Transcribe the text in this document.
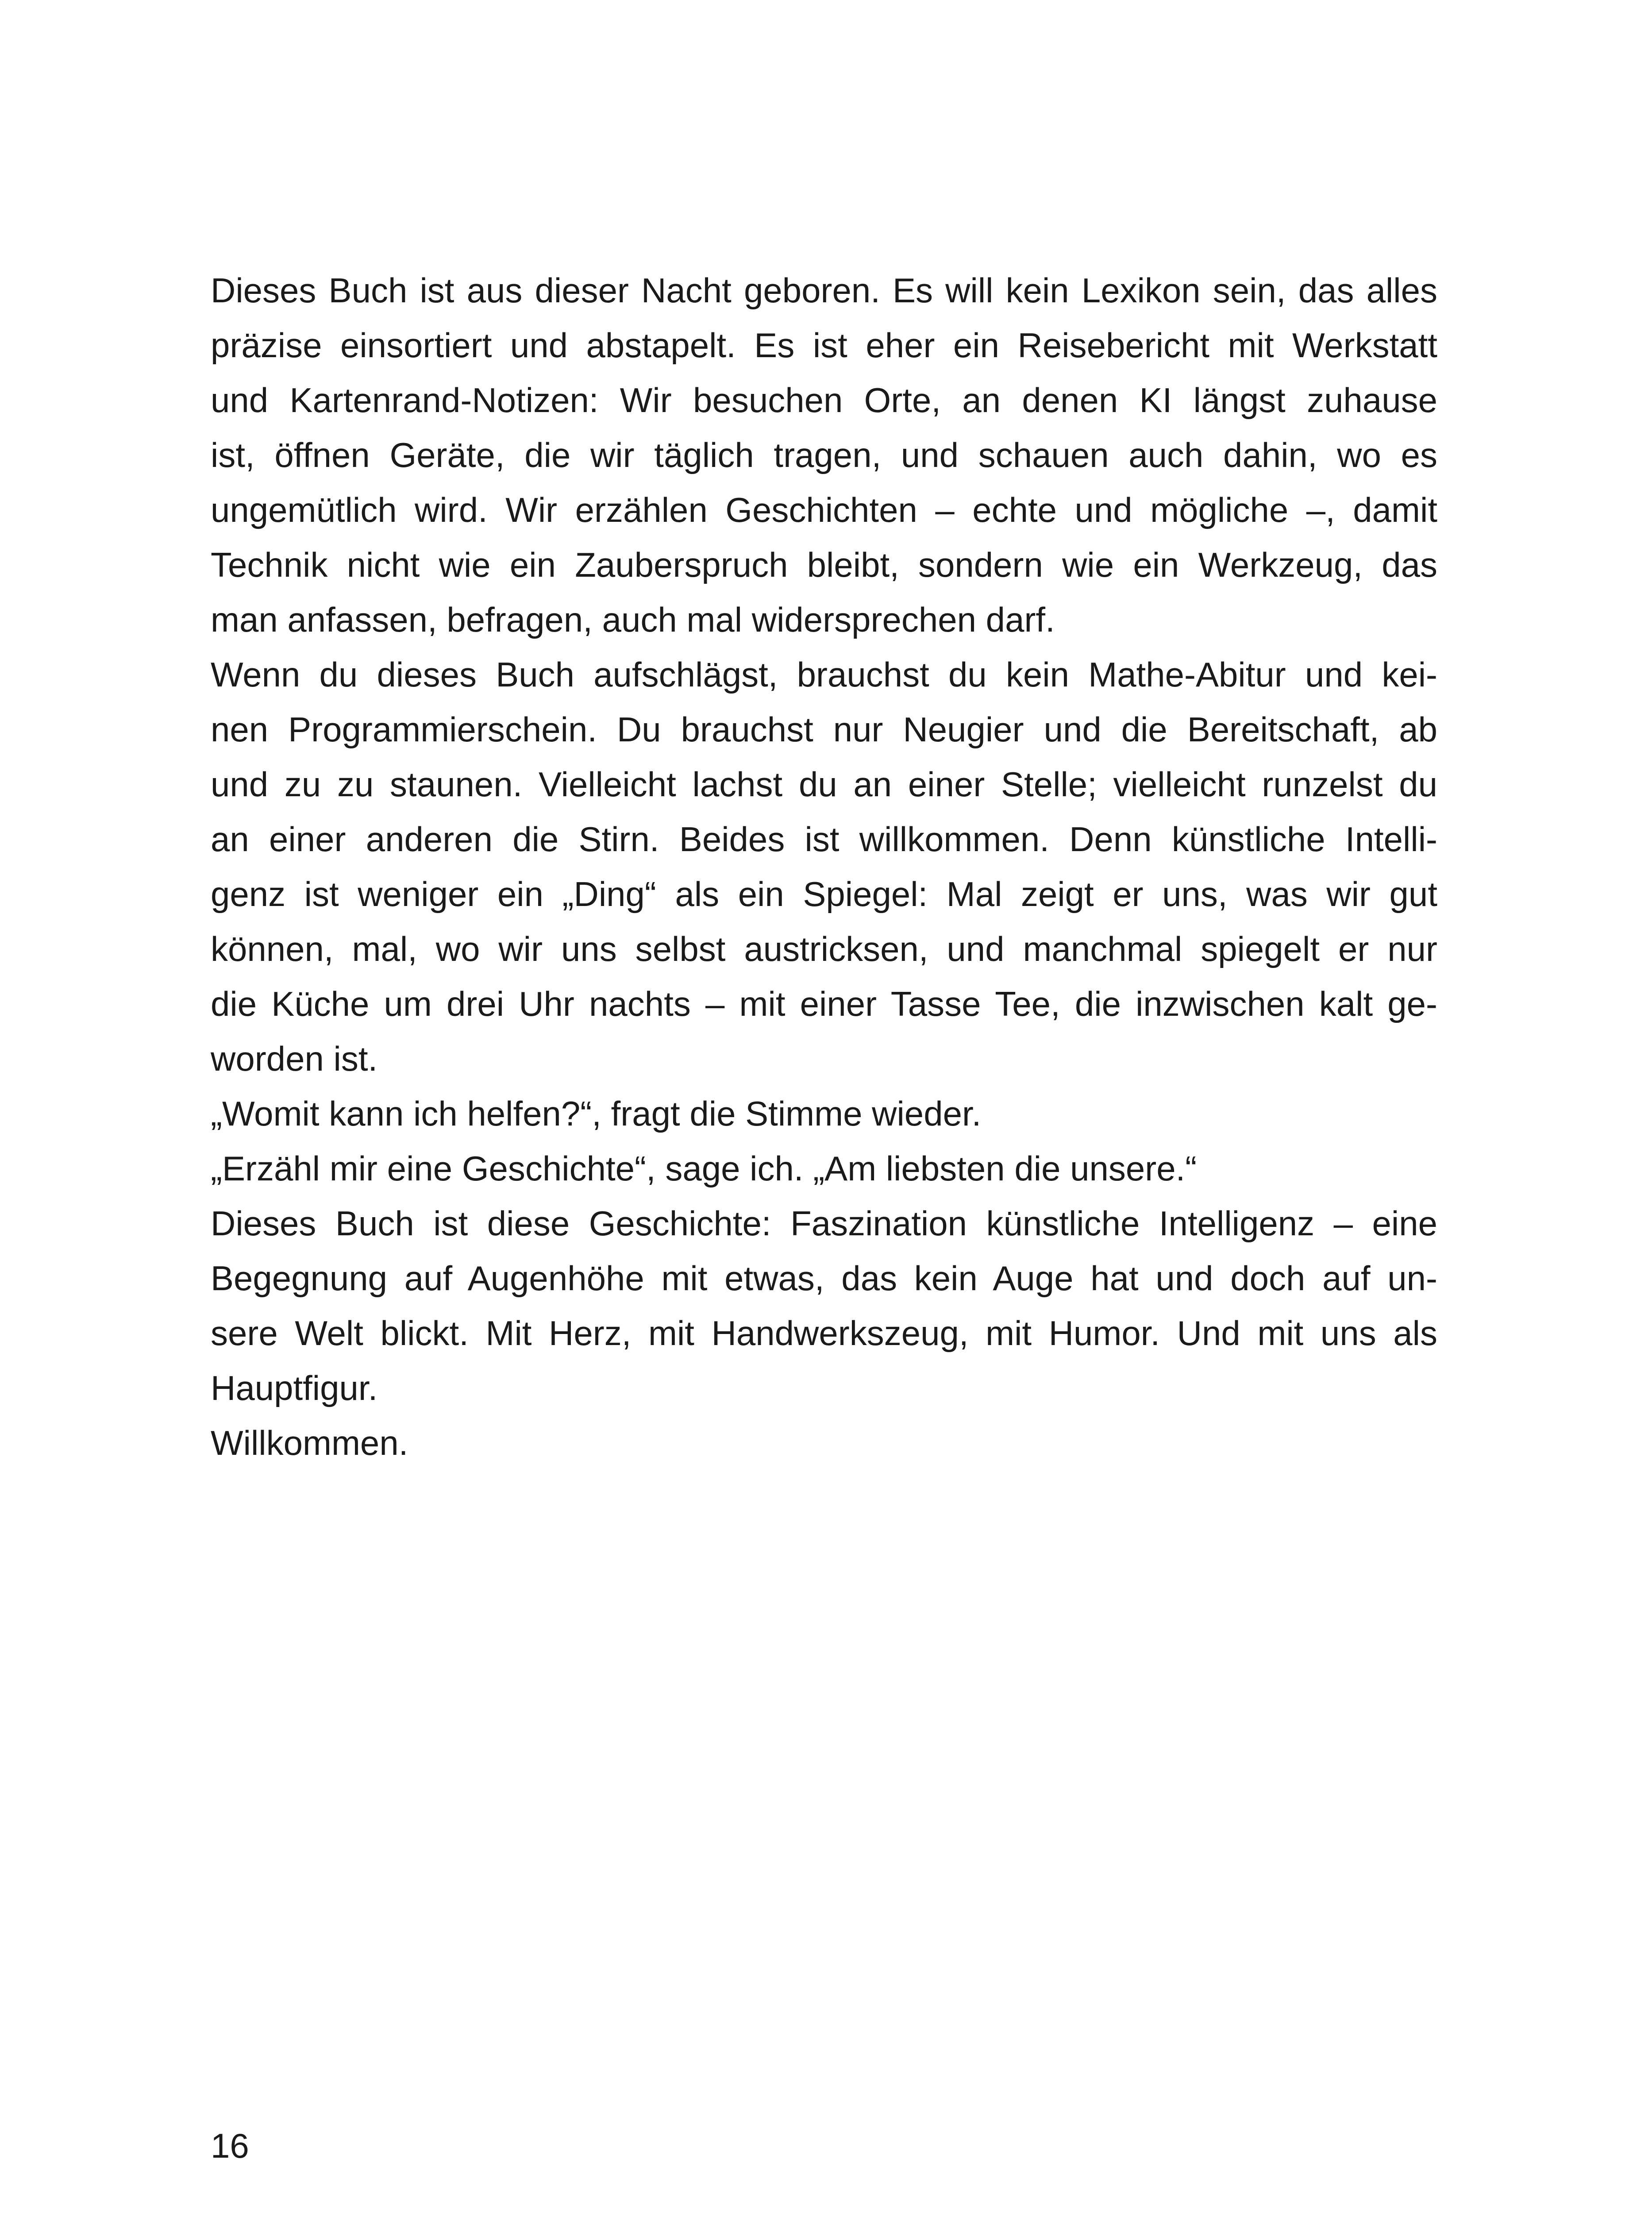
Dieses Buch ist aus dieser Nacht geboren. Es will kein Lexikon sein, das alles
präzise einsortiert und abstapelt. Es ist eher ein Reisebericht mit Werkstatt
und Kartenrand-Notizen: Wir besuchen Orte, an denen KI längst zuhause
ist, öffnen Geräte, die wir täglich tragen, und schauen auch dahin, wo es
ungemütlich wird. Wir erzählen Geschichten – echte und mögliche –, damit
Technik nicht wie ein Zauberspruch bleibt, sondern wie ein Werkzeug, das
man anfassen, befragen, auch mal widersprechen darf.
Wenn du dieses Buch aufschlägst, brauchst du kein Mathe-Abitur und kei-
nen Programmierschein. Du brauchst nur Neugier und die Bereitschaft, ab
und zu zu staunen. Vielleicht lachst du an einer Stelle; vielleicht runzelst du
an einer anderen die Stirn. Beides ist willkommen. Denn künstliche Intelli-
genz ist weniger ein „Ding“ als ein Spiegel: Mal zeigt er uns, was wir gut
können, mal, wo wir uns selbst austricksen, und manchmal spiegelt er nur
die Küche um drei Uhr nachts – mit einer Tasse Tee, die inzwischen kalt ge-
worden ist.
„Womit kann ich helfen?“, fragt die Stimme wieder.
„Erzähl mir eine Geschichte“, sage ich. „Am liebsten die unsere.“
Dieses Buch ist diese Geschichte: Faszination künstliche Intelligenz – eine
Begegnung auf Augenhöhe mit etwas, das kein Auge hat und doch auf un-
sere Welt blickt. Mit Herz, mit Handwerkszeug, mit Humor. Und mit uns als
Hauptfigur.
Willkommen.
16
